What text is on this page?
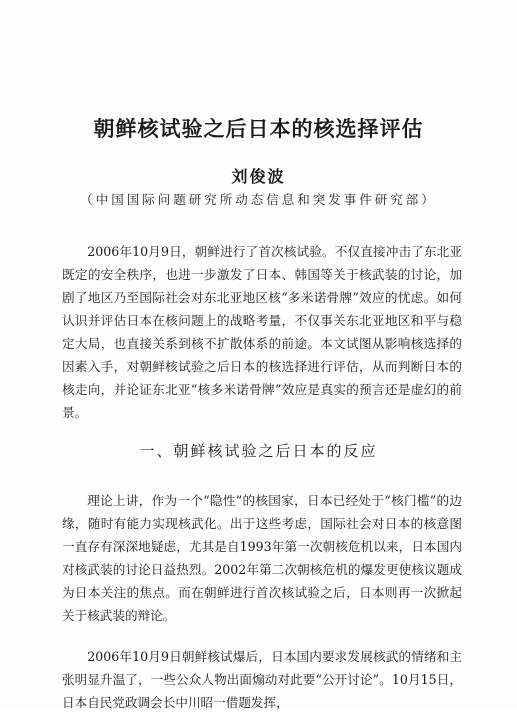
朝鲜核试验之后日本的核选择评估
刘俊波
（中国国际问题研究所动态信息和突发事件研究部）

2006年10月9日，朝鲜进行了首次核试验。不仅直接冲击了东北亚既定的安全秩序，也进一步激发了日本、韩国等关于核武装的讨论，加剧了地区乃至国际社会对东北亚地区核“多米诺骨牌”效应的忧虑。如何认识并评估日本在核问题上的战略考量，不仅事关东北亚地区和平与稳定大局，也直接关系到核不扩散体系的前途。本文试图从影响核选择的因素入手，对朝鲜核试验之后日本的核选择进行评估，从而判断日本的核走向，并论证东北亚“核多米诺骨牌”效应是真实的预言还是虚幻的前景。

一、朝鲜核试验之后日本的反应

理论上讲，作为一个“隐性”的核国家，日本已经处于“核门槛”的边缘，随时有能力实现核武化。出于这些考虑，国际社会对日本的核意图一直存有深深地疑虑，尤其是自1993年第一次朝核危机以来，日本国内对核武装的讨论日益热烈。2002年第二次朝核危机的爆发更使核议题成为日本关注的焦点。而在朝鲜进行首次核试验之后，日本则再一次掀起关于核武装的辩论。

2006年10月9日朝鲜核试爆后，日本国内要求发展核武的情绪和主张明显升温了，一些公众人物出面煽动对此要“公开讨论”。10月15日，日本自民党政调会长中川昭一借题发挥，
